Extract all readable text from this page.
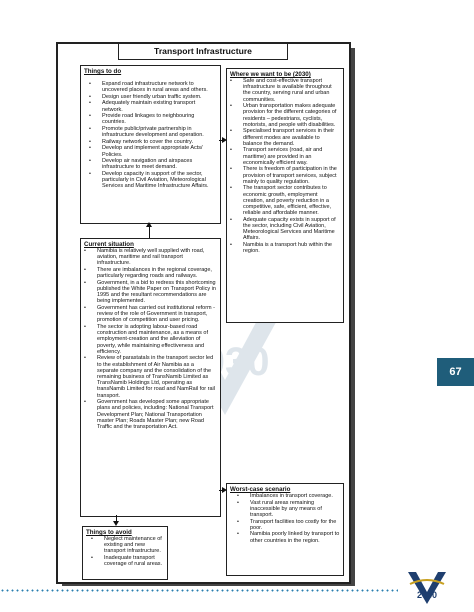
Transport Infrastructure
Things to do
• Expand road infrastructure network to uncovered places in rural areas and others.
• Design user friendly urban traffic system.
• Adequately maintain existing transport network.
• Provide road linkages to neighbouring countries.
• Promote public/private partnership in infrastructure development and operation.
• Railway network to cover the country.
• Develop and implement appropriate Acts/ Policies.
• Develop air navigation and airspaces infrastructure to meet demand.
• Develop capacity in support of the sector, particularly in Civil Aviation, Meteorological Services and Maritime Infrastructure Affairs.
Where we want to be (2030)
• Safe and cost-effective transport infrastructure is available throughout the country, serving rural and urban communities.
• Urban transportation makes adequate provision for the different categories of residents – pedestrians, cyclists, motorists, and people with disabilities.
• Specialised transport services in their different modes are available to balance the demand.
• Transport services (road, air and maritime) are provided in an economically efficient way.
• There is freedom of participation in the provision of transport services, subject mainly to quality regulation.
• The transport sector contributes to economic growth, employment creation, and poverty reduction in a competitive, safe, efficient, effective, reliable and affordable manner.
• Adequate capacity exists in support of the sector, including Civil Aviation, Meteorological Services and Maritime Affairs.
• Namibia is a transport hub within the region.
Current situation
• Namibia is relatively well supplied with road, aviation, maritime and rail transport infrastructure.
• There are imbalances in the regional coverage, particularly regarding roads and railways.
• Government, in a bid to redress this shortcoming published the White Paper on Transport Policy in 1995 and the resultant recommendations are being implemented.
• Government has carried out institutional reform - review of the role of Government in transport, promotion of competition and user pricing.
• The sector is adopting labour-based road construction and maintenance, as a means of employment-creation and the alleviation of poverty, while maintaining effectiveness and efficiency.
• Review of parastatals in the transport sector led to the establishment of Air Namibia as a separate company and the consolidation of the remaining business of TransNamib Limited as TransNamib Holdings Ltd, operating as transNamib Limited for road and NamRail for rail transport.
• Government has developed some appropriate plans and policies, including: National Transport Development Plan; National Transportation master Plan; Roads Master Plan; new Road Traffic and the transportation Act.
Worst-case scenario
• Imbalances in transport coverage.
• Vast rural areas remaining inaccessible by any means of transport.
• Transport facilities too costly for the poor.
• Namibia poorly linked by transport to other countries in the region.
Things to avoid
• Neglect maintenance of existing and new transport infrastructure.
• Inadequate transport coverage of rural areas.
67
2030
